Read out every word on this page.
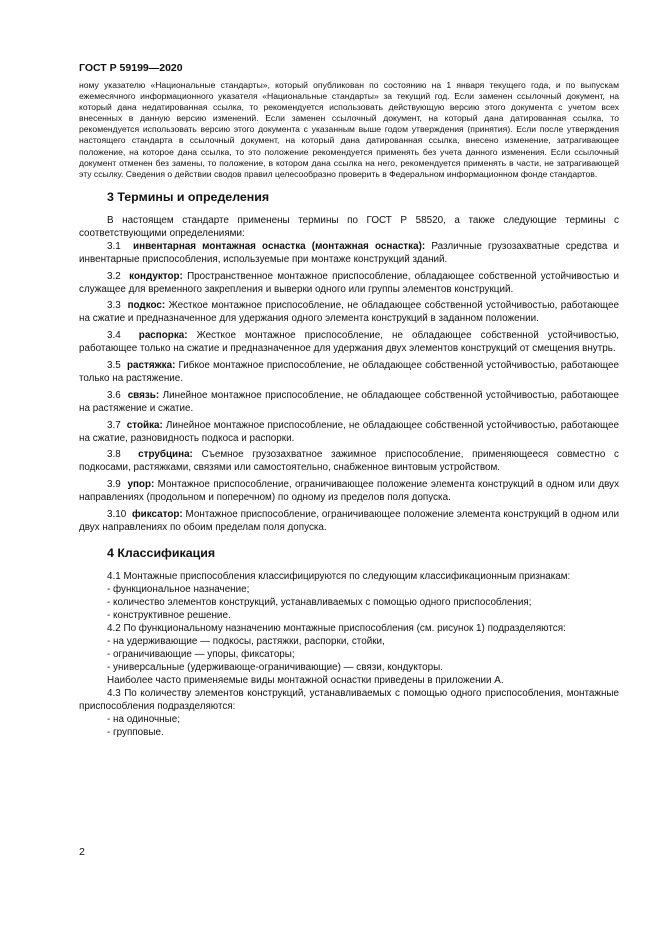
ГОСТ Р 59199—2020

ному указателю «Национальные стандарты», который опубликован по состоянию на 1 января текущего года, и по выпускам ежемесячного информационного указателя «Национальные стандарты» за текущий год. Если заменен ссылочный документ, на который дана недатированная ссылка, то рекомендуется использовать действующую версию этого документа с учетом всех внесенных в данную версию изменений. Если заменен ссылочный документ, на который дана датированная ссылка, то рекомендуется использовать версию этого документа с указанным выше годом утверждения (принятия). Если после утверждения настоящего стандарта в ссылочный документ, на который дана датированная ссылка, внесено изменение, затрагивающее положение, на которое дана ссылка, то это положение рекомендуется применять без учета данного изменения. Если ссылочный документ отменен без замены, то положение, в котором дана ссылка на него, рекомендуется применять в части, не затрагивающей эту ссылку. Сведения о действии сводов правил целесообразно проверить в Федеральном информационном фонде стандартов.

3 Термины и определения

В настоящем стандарте применены термины по ГОСТ Р 58520, а также следующие термины с соответствующими определениями:

3.1 инвентарная монтажная оснастка (монтажная оснастка): Различные грузозахватные средства и инвентарные приспособления, используемые при монтаже конструкций зданий.

3.2 кондуктор: Пространственное монтажное приспособление, обладающее собственной устойчивостью и служащее для временного закрепления и выверки одного или группы элементов конструкций.

3.3 подкос: Жесткое монтажное приспособление, не обладающее собственной устойчивостью, работающее на сжатие и предназначенное для удержания одного элемента конструкций в заданном положении.

3.4 распорка: Жесткое монтажное приспособление, не обладающее собственной устойчивостью, работающее только на сжатие и предназначенное для удержания двух элементов конструкций от смещения внутрь.

3.5 растяжка: Гибкое монтажное приспособление, не обладающее собственной устойчивостью, работающее только на растяжение.

3.6 связь: Линейное монтажное приспособление, не обладающее собственной устойчивостью, работающее на растяжение и сжатие.

3.7 стойка: Линейное монтажное приспособление, не обладающее собственной устойчивостью, работающее на сжатие, разновидность подкоса и распорки.

3.8 струбцина: Съемное грузозахватное зажимное приспособление, применяющееся совместно с подкосами, растяжками, связями или самостоятельно, снабженное винтовым устройством.

3.9 упор: Монтажное приспособление, ограничивающее положение элемента конструкций в одном или двух направлениях (продольном и поперечном) по одному из пределов поля допуска.

3.10 фиксатор: Монтажное приспособление, ограничивающее положение элемента конструкций в одном или двух направлениях по обоим пределам поля допуска.

4 Классификация

4.1 Монтажные приспособления классифицируются по следующим классификационным признакам:

- функциональное назначение;

- количество элементов конструкций, устанавливаемых с помощью одного приспособления;

- конструктивное решение.

4.2 По функциональному назначению монтажные приспособления (см. рисунок 1) подразделяются:

- на удерживающие — подкосы, растяжки, распорки, стойки,

- ограничивающие — упоры, фиксаторы;

- универсальные (удерживающе-ограничивающие) — связи, кондукторы.

Наиболее часто применяемые виды монтажной оснастки приведены в приложении А.

4.3 По количеству элементов конструкций, устанавливаемых с помощью одного приспособления, монтажные приспособления подразделяются:

- на одиночные;

- групповые.

2
